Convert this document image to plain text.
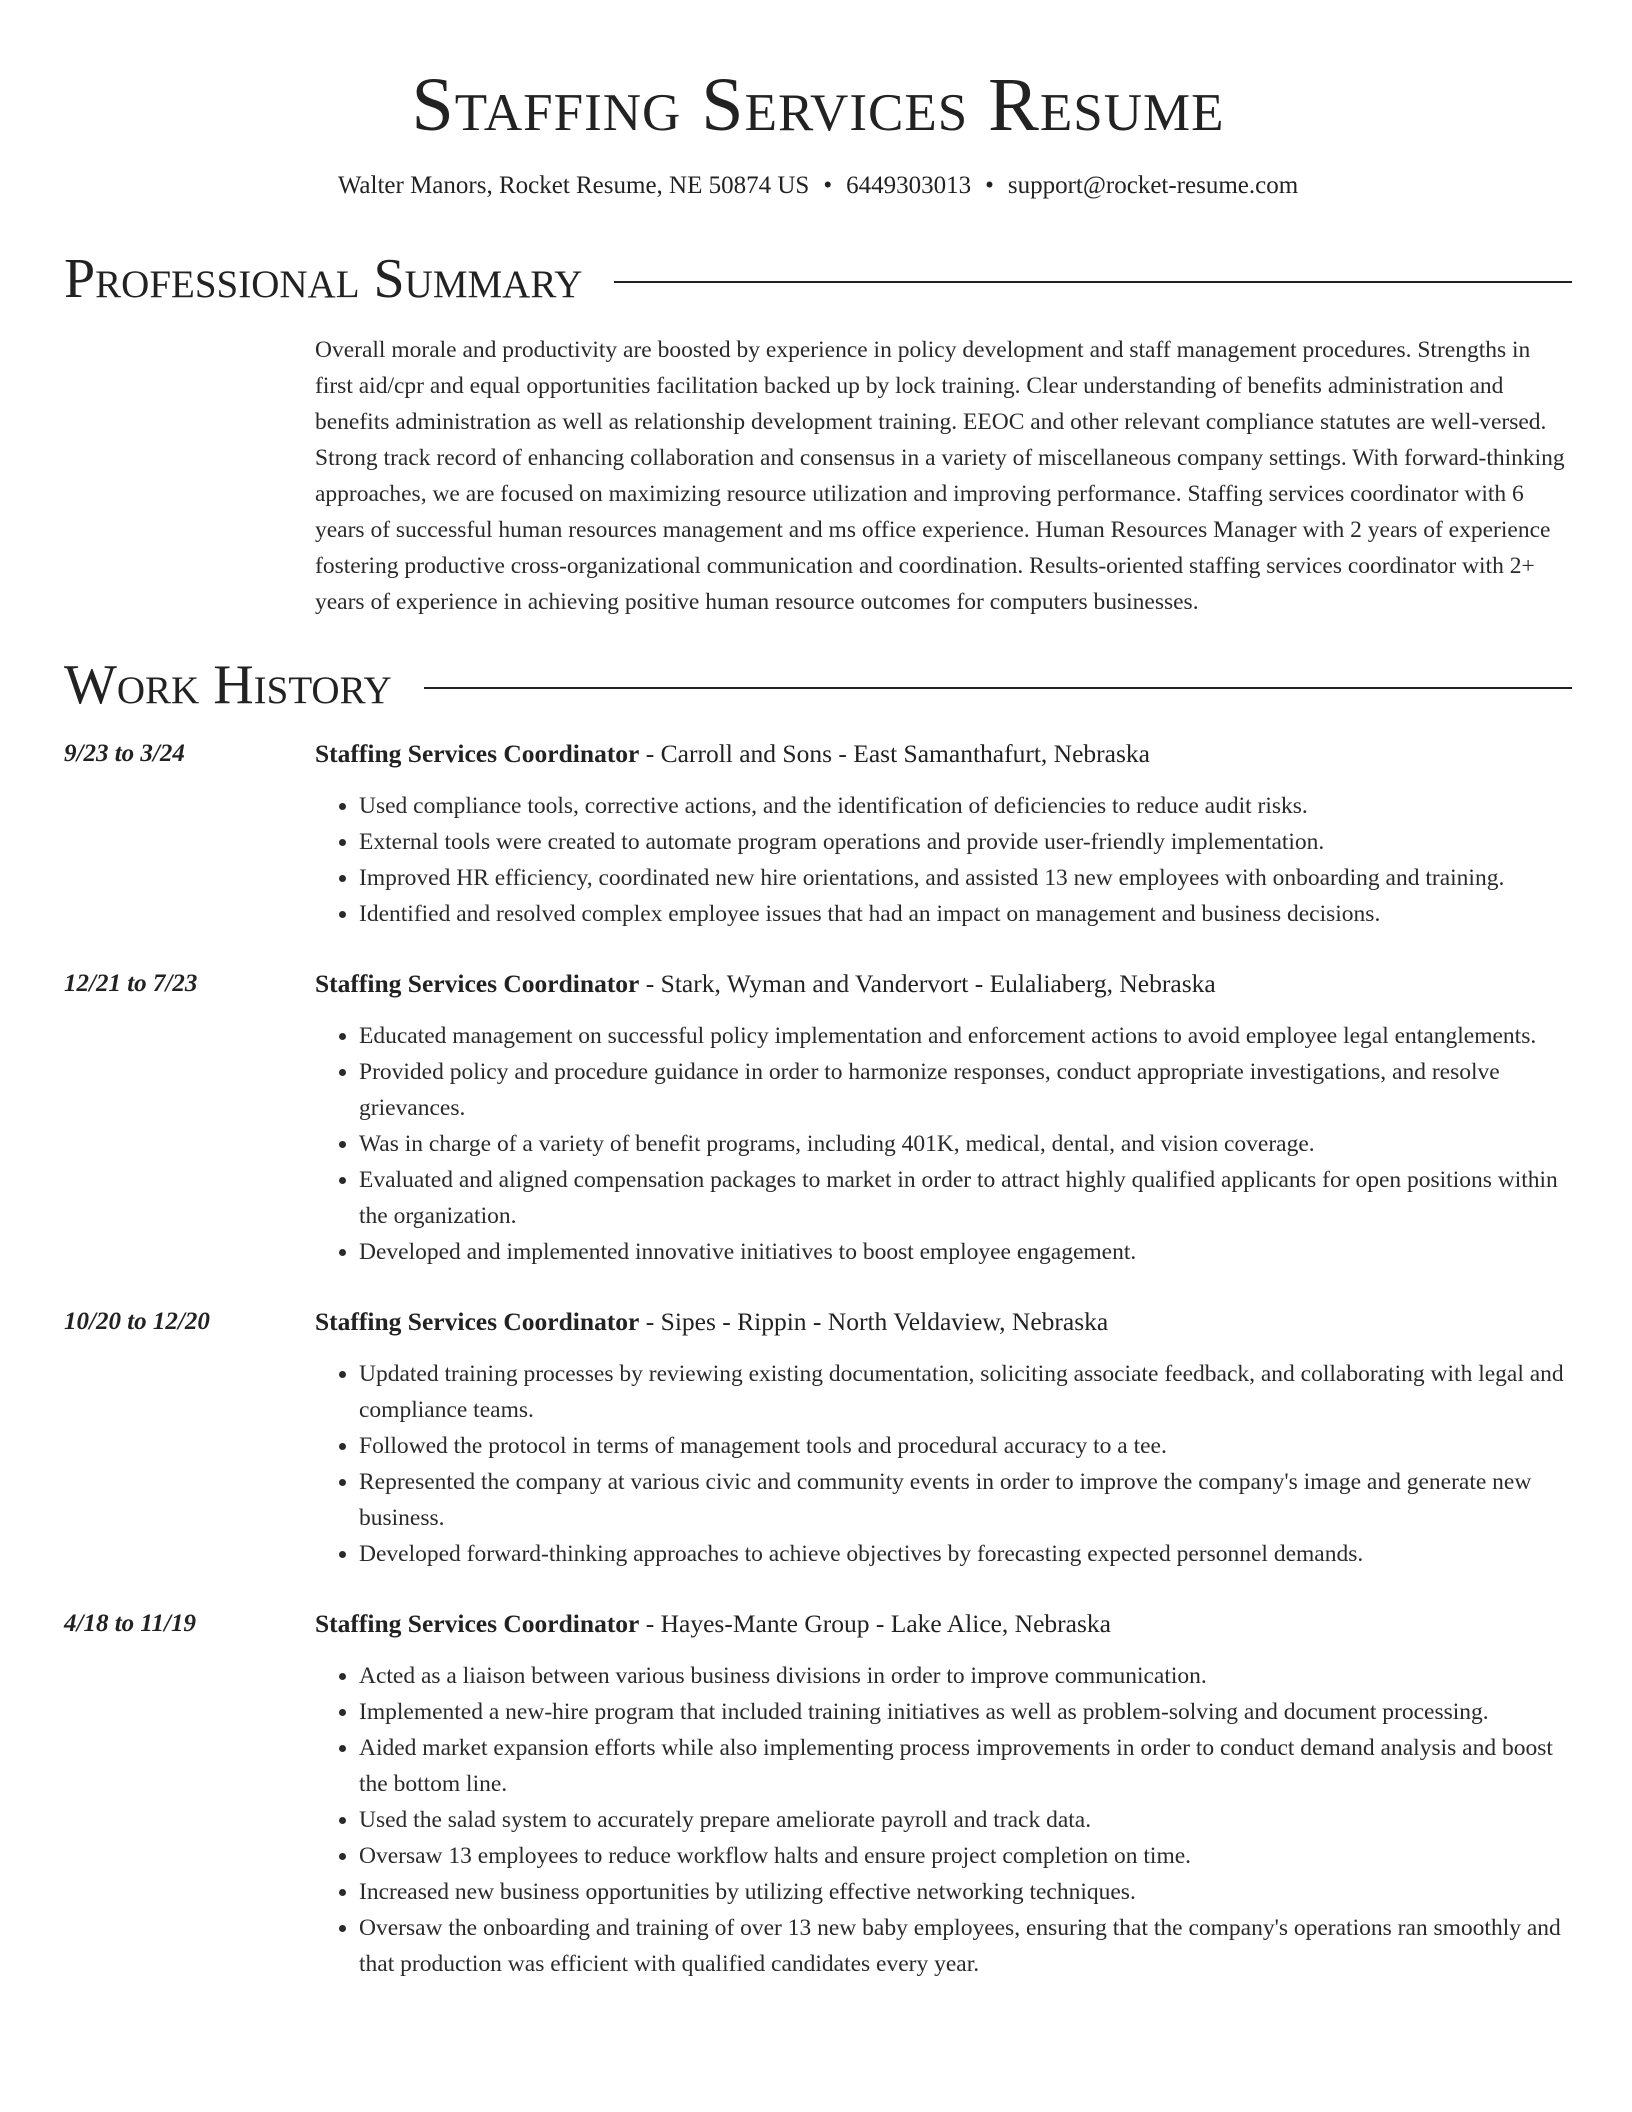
Staffing Services Resume
Walter Manors, Rocket Resume, NE 50874 US • 6449303013 • support@rocket-resume.com
Professional Summary
Overall morale and productivity are boosted by experience in policy development and staff management procedures. Strengths in first aid/cpr and equal opportunities facilitation backed up by lock training. Clear understanding of benefits administration and benefits administration as well as relationship development training. EEOC and other relevant compliance statutes are well-versed. Strong track record of enhancing collaboration and consensus in a variety of miscellaneous company settings. With forward-thinking approaches, we are focused on maximizing resource utilization and improving performance. Staffing services coordinator with 6 years of successful human resources management and ms office experience. Human Resources Manager with 2 years of experience fostering productive cross-organizational communication and coordination. Results-oriented staffing services coordinator with 2+ years of experience in achieving positive human resource outcomes for computers businesses.
Work History
9/23 to 3/24	Staffing Services Coordinator - Carroll and Sons - East Samanthafurt, Nebraska
• Used compliance tools, corrective actions, and the identification of deficiencies to reduce audit risks.
• External tools were created to automate program operations and provide user-friendly implementation.
• Improved HR efficiency, coordinated new hire orientations, and assisted 13 new employees with onboarding and training.
• Identified and resolved complex employee issues that had an impact on management and business decisions.
12/21 to 7/23	Staffing Services Coordinator - Stark, Wyman and Vandervort - Eulaliaberg, Nebraska
• Educated management on successful policy implementation and enforcement actions to avoid employee legal entanglements.
• Provided policy and procedure guidance in order to harmonize responses, conduct appropriate investigations, and resolve grievances.
• Was in charge of a variety of benefit programs, including 401K, medical, dental, and vision coverage.
• Evaluated and aligned compensation packages to market in order to attract highly qualified applicants for open positions within the organization.
• Developed and implemented innovative initiatives to boost employee engagement.
10/20 to 12/20	Staffing Services Coordinator - Sipes - Rippin - North Veldaview, Nebraska
• Updated training processes by reviewing existing documentation, soliciting associate feedback, and collaborating with legal and compliance teams.
• Followed the protocol in terms of management tools and procedural accuracy to a tee.
• Represented the company at various civic and community events in order to improve the company's image and generate new business.
• Developed forward-thinking approaches to achieve objectives by forecasting expected personnel demands.
4/18 to 11/19	Staffing Services Coordinator - Hayes-Mante Group - Lake Alice, Nebraska
• Acted as a liaison between various business divisions in order to improve communication.
• Implemented a new-hire program that included training initiatives as well as problem-solving and document processing.
• Aided market expansion efforts while also implementing process improvements in order to conduct demand analysis and boost the bottom line.
• Used the salad system to accurately prepare ameliorate payroll and track data.
• Oversaw 13 employees to reduce workflow halts and ensure project completion on time.
• Increased new business opportunities by utilizing effective networking techniques.
• Oversaw the onboarding and training of over 13 new baby employees, ensuring that the company's operations ran smoothly and that production was efficient with qualified candidates every year.
